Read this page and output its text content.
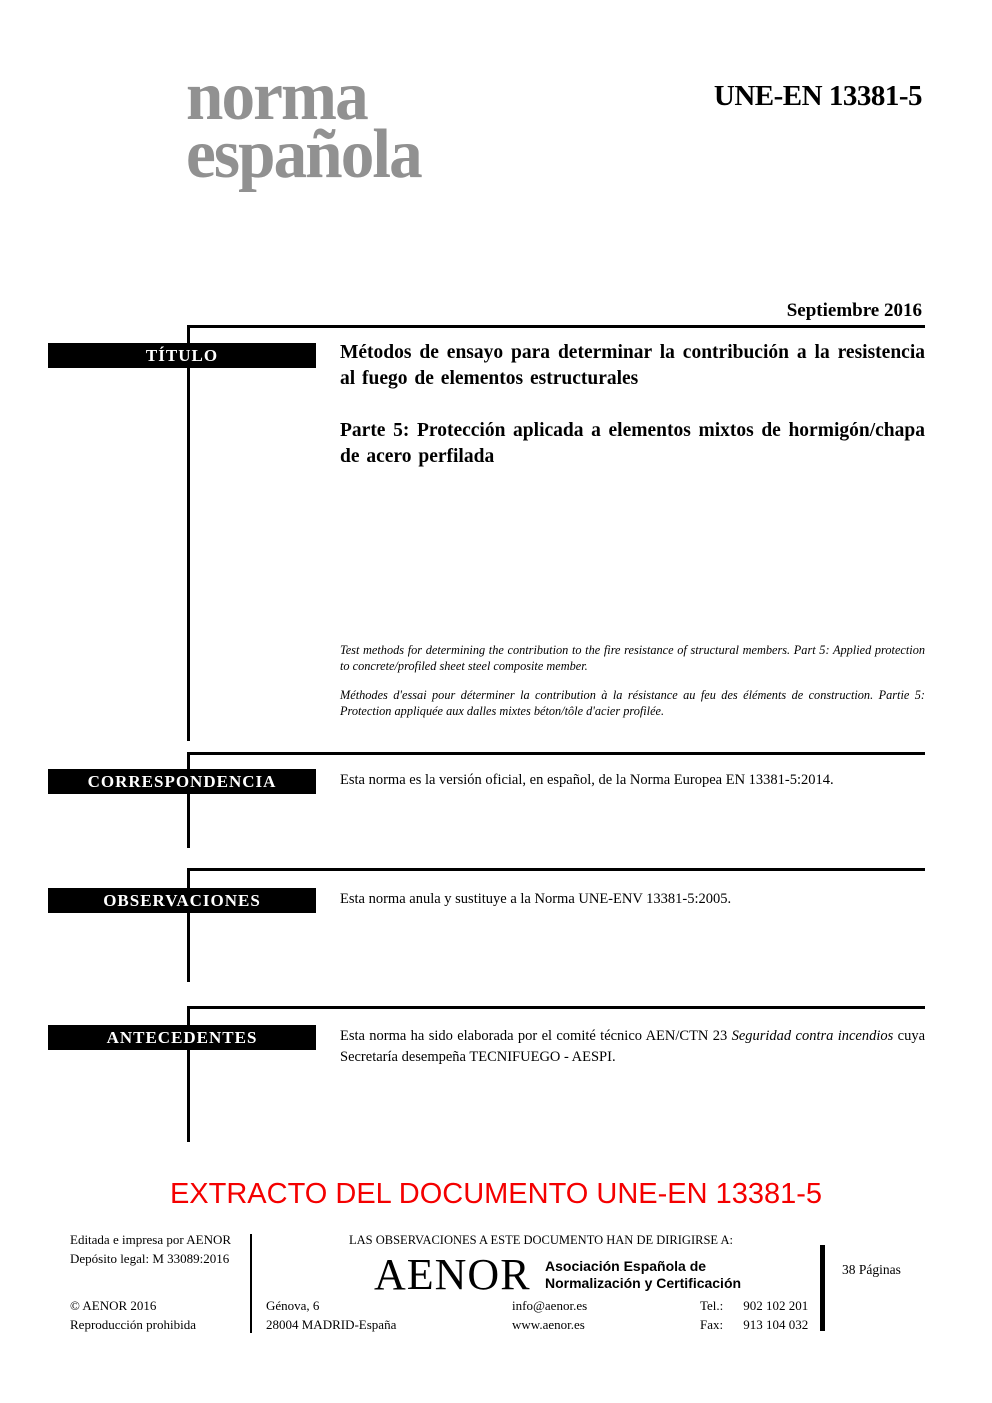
norma
española
UNE-EN 13381-5
Septiembre 2016
TÍTULO	Métodos de ensayo para determinar la contribución a la resistencia al fuego de elementos estructurales
Parte 5: Protección aplicada a elementos mixtos de hormigón/chapa de acero perfilada
Test methods for determining the contribution to the fire resistance of structural members. Part 5: Applied protection to concrete/profiled sheet steel composite member.
Méthodes d'essai pour déterminer la contribution à la résistance au feu des éléments de construction. Partie 5: Protection appliquée aux dalles mixtes béton/tôle d'acier profilée.
CORRESPONDENCIA	Esta norma es la versión oficial, en español, de la Norma Europea EN 13381-5:2014.
OBSERVACIONES	Esta norma anula y sustituye a la Norma UNE-ENV 13381-5:2005.
ANTECEDENTES	Esta norma ha sido elaborada por el comité técnico AEN/CTN 23 Seguridad contra incendios cuya Secretaría desempeña TECNIFUEGO - AESPI.
EXTRACTO DEL DOCUMENTO UNE-EN 13381-5
Editada e impresa por AENOR
Depósito legal: M 33089:2016
© AENOR 2016
Reproducción prohibida
LAS OBSERVACIONES A ESTE DOCUMENTO HAN DE DIRIGIRSE A:
AENOR Asociación Española de
Normalización y Certificación
Génova, 6
28004 MADRID-España
info@aenor.es
www.aenor.es
Tel.: 902 102 201
Fax: 913 104 032
38 Páginas
